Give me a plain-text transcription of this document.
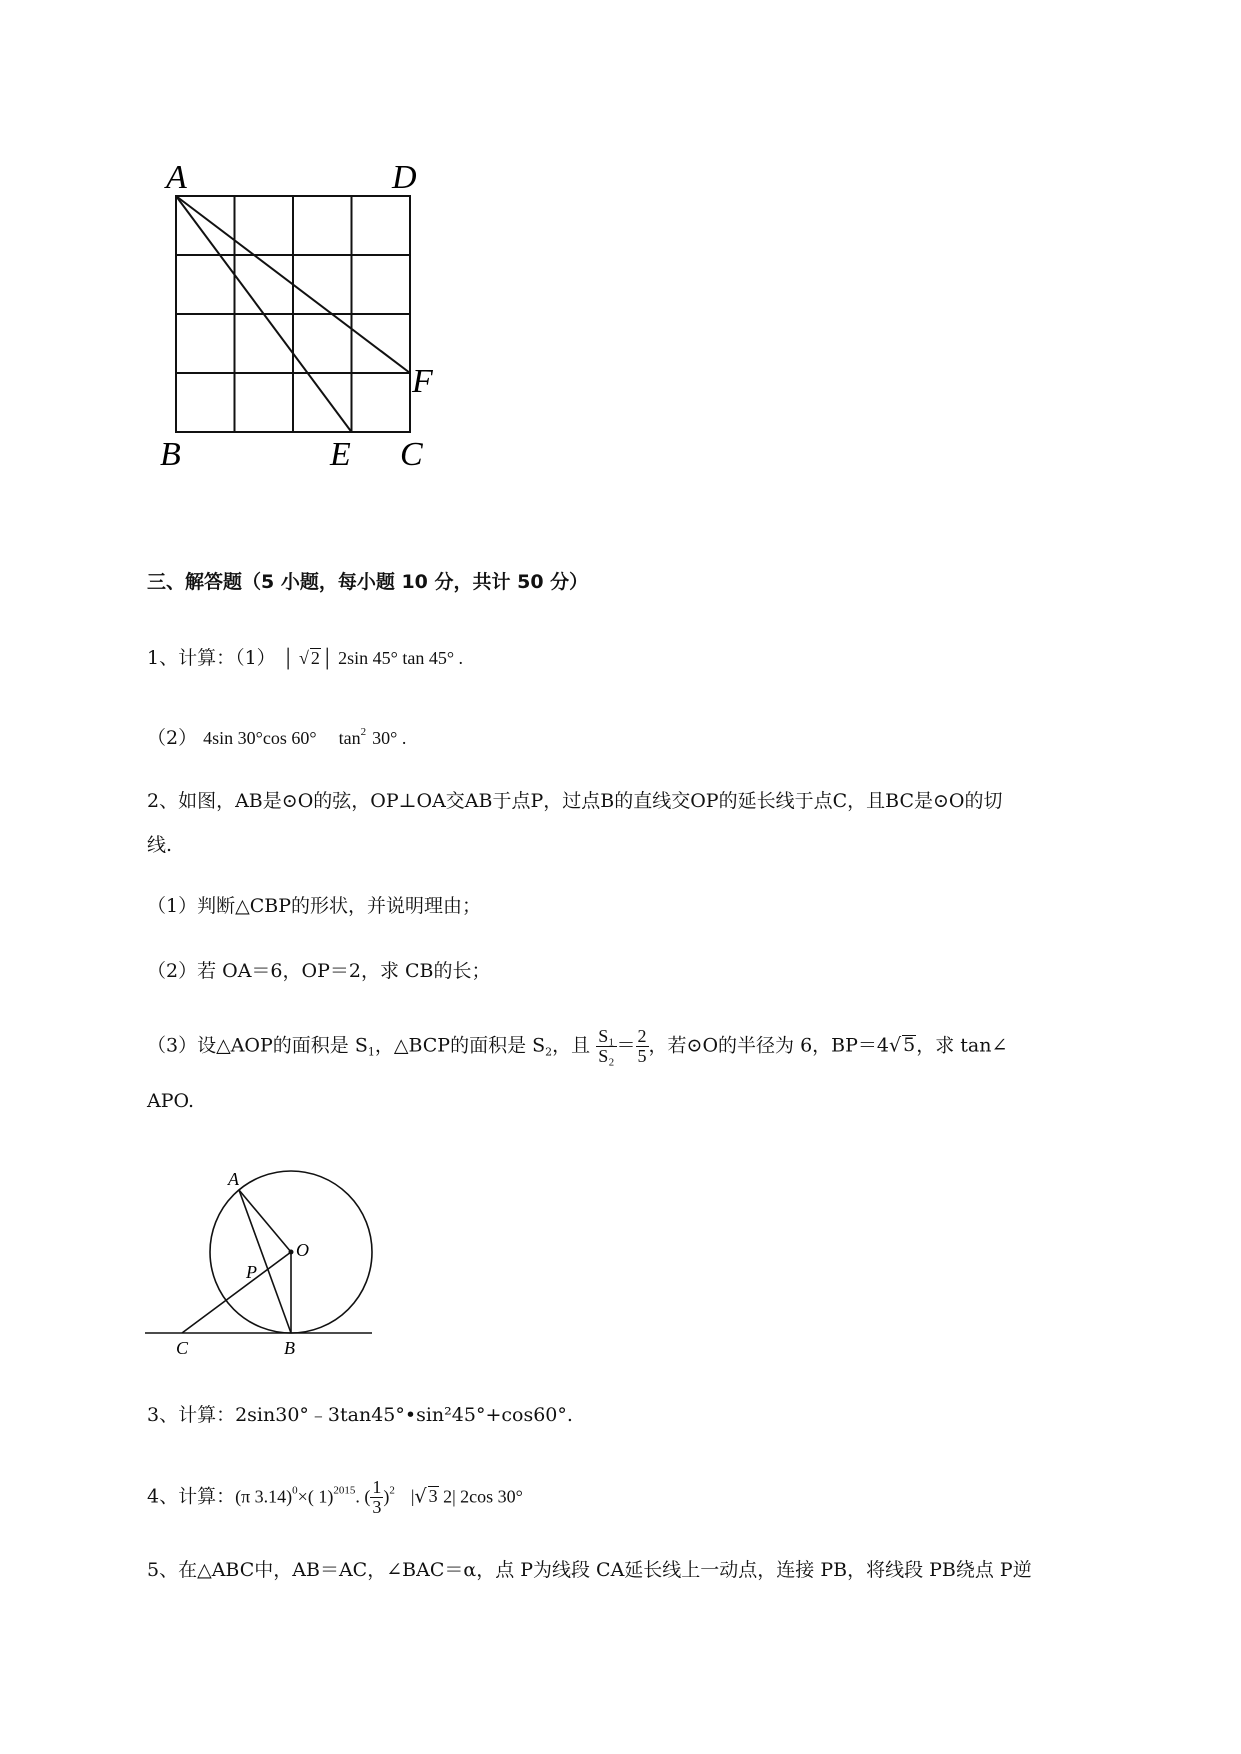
A	D
F
B	E C
三、解答题（5 小题，每小题 10 分，共计 50 分）
1、计算：（1） │ √ 2│ 2sin 45° tan 45° .
（2） 4sin 30°cos 60° $\tan^2 30^\circ$ .
2、如图，AB是⊙O的弦，OP⊥OA交AB于点P，过点B的直线交OP的延长线于点C，且BC是⊙O的切
线.
（1）判断△CBP的形状，并说明理由；
（2）若 OA＝6，OP＝2，求 CB的长；
（3）设△AOP的面积是 $S_1$，△BCP的面积是 $S_2$，且 $\frac{\text{S₁}}{\text{S₂}} = \frac{2}{5}$ ，若⊙O的半径为 6，BP＝4√ 5，求 tan∠
APO.
A
O
P
C	B
3、计算：2sin30°﹣3tan45°•sin²45°+cos60°.
4、计算：(π 3.14)$^0$×( 1)$^{2015}$. ( $\frac{1}{3} )^2$ |√ 3 2| 2cos 30°
5、在△ABC中，AB＝AC，∠BAC＝α，点 P为线段 CA延长线上一动点，连接 PB，将线段 PB绕点 P逆
